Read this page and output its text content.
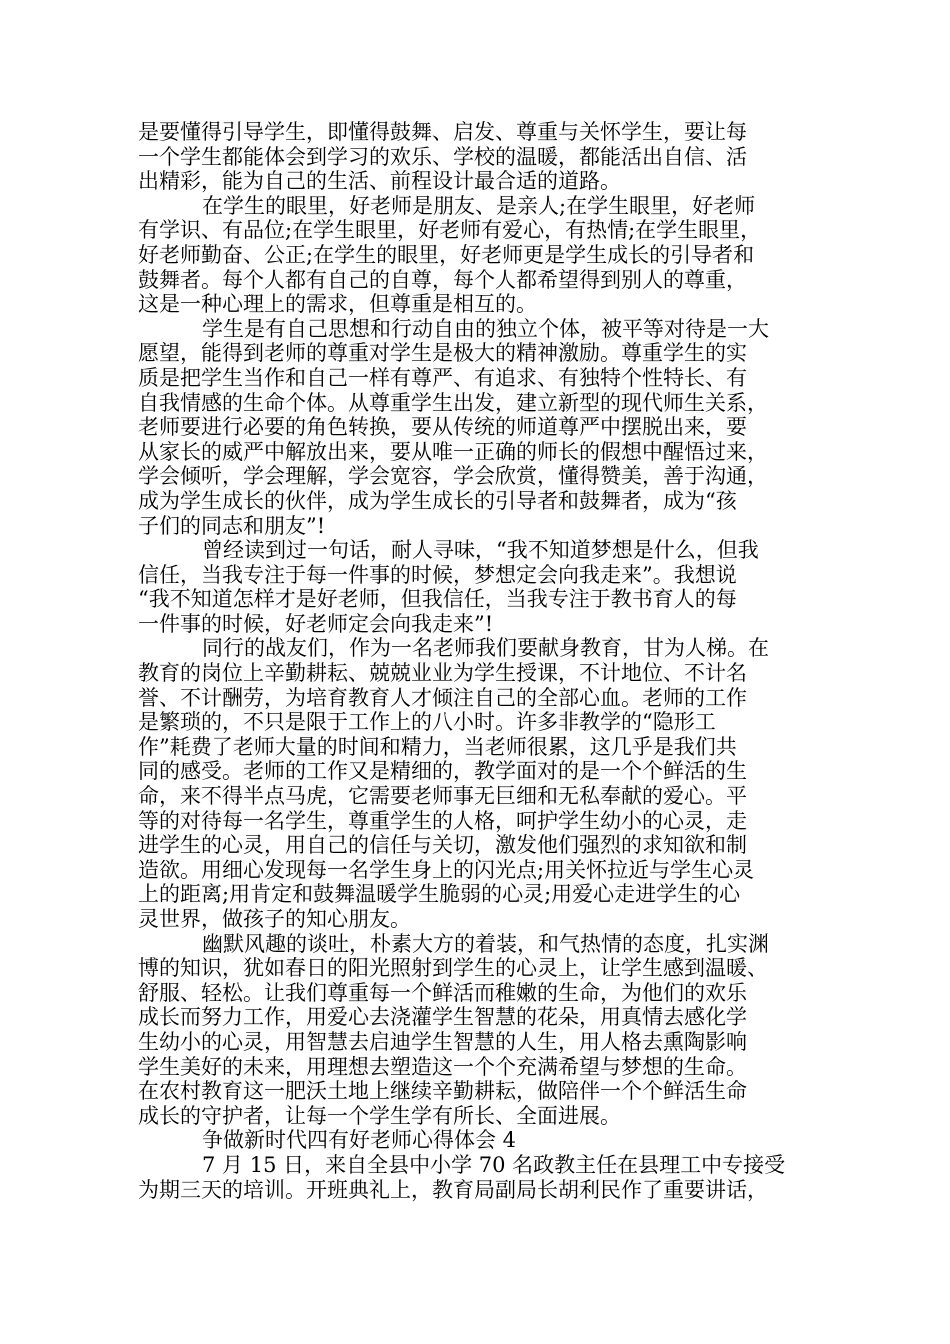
是要懂得引导学生，即懂得鼓舞、启发、尊重与关怀学生，要让每
一个学生都能体会到学习的欢乐、学校的温暖，都能活出自信、活
出精彩，能为自己的生活、前程设计最合适的道路。
在学生的眼里，好老师是朋友、是亲人;在学生眼里，好老师
有学识、有品位;在学生眼里，好老师有爱心，有热情;在学生眼里，
好老师勤奋、公正;在学生的眼里，好老师更是学生成长的引导者和
鼓舞者。每个人都有自己的自尊，每个人都希望得到别人的尊重，
这是一种心理上的需求，但尊重是相互的。
学生是有自己思想和行动自由的独立个体，被平等对待是一大
愿望，能得到老师的尊重对学生是极大的精神激励。尊重学生的实
质是把学生当作和自己一样有尊严、有追求、有独特个性特长、有
自我情感的生命个体。从尊重学生出发，建立新型的现代师生关系，
老师要进行必要的角色转换，要从传统的师道尊严中摆脱出来，要
从家长的威严中解放出来，要从唯一正确的师长的假想中醒悟过来，
学会倾听，学会理解，学会宽容，学会欣赏，懂得赞美，善于沟通，
成为学生成长的伙伴，成为学生成长的引导者和鼓舞者，成为“孩
子们的同志和朋友”!
曾经读到过一句话，耐人寻味，“我不知道梦想是什么，但我
信任，当我专注于每一件事的时候，梦想定会向我走来”。我想说
“我不知道怎样才是好老师，但我信任，当我专注于教书育人的每
一件事的时候，好老师定会向我走来”!
同行的战友们，作为一名老师我们要献身教育，甘为人梯。在
教育的岗位上辛勤耕耘、兢兢业业为学生授课，不计地位、不计名
誉、不计酬劳，为培育教育人才倾注自己的全部心血。老师的工作
是繁琐的，不只是限于工作上的八小时。许多非教学的“隐形工
作”耗费了老师大量的时间和精力，当老师很累，这几乎是我们共
同的感受。老师的工作又是精细的，教学面对的是一个个鲜活的生
命，来不得半点马虎，它需要老师事无巨细和无私奉献的爱心。平
等的对待每一名学生，尊重学生的人格，呵护学生幼小的心灵，走
进学生的心灵，用自己的信任与关切，激发他们强烈的求知欲和制
造欲。用细心发现每一名学生身上的闪光点;用关怀拉近与学生心灵
上的距离;用肯定和鼓舞温暖学生脆弱的心灵;用爱心走进学生的心
灵世界，做孩子的知心朋友。
幽默风趣的谈吐，朴素大方的着装，和气热情的态度，扎实渊
博的知识，犹如春日的阳光照射到学生的心灵上，让学生感到温暖、
舒服、轻松。让我们尊重每一个鲜活而稚嫩的生命，为他们的欢乐
成长而努力工作，用爱心去浇灌学生智慧的花朵，用真情去感化学
生幼小的心灵，用智慧去启迪学生智慧的人生，用人格去熏陶影响
学生美好的未来，用理想去塑造这一个个充满希望与梦想的生命。
在农村教育这一肥沃土地上继续辛勤耕耘，做陪伴一个个鲜活生命
成长的守护者，让每一个学生学有所长、全面进展。
争做新时代四有好老师心得体会 4
7 月 15 日，来自全县中小学 70 名政教主任在县理工中专接受
为期三天的培训。开班典礼上，教育局副局长胡利民作了重要讲话，
